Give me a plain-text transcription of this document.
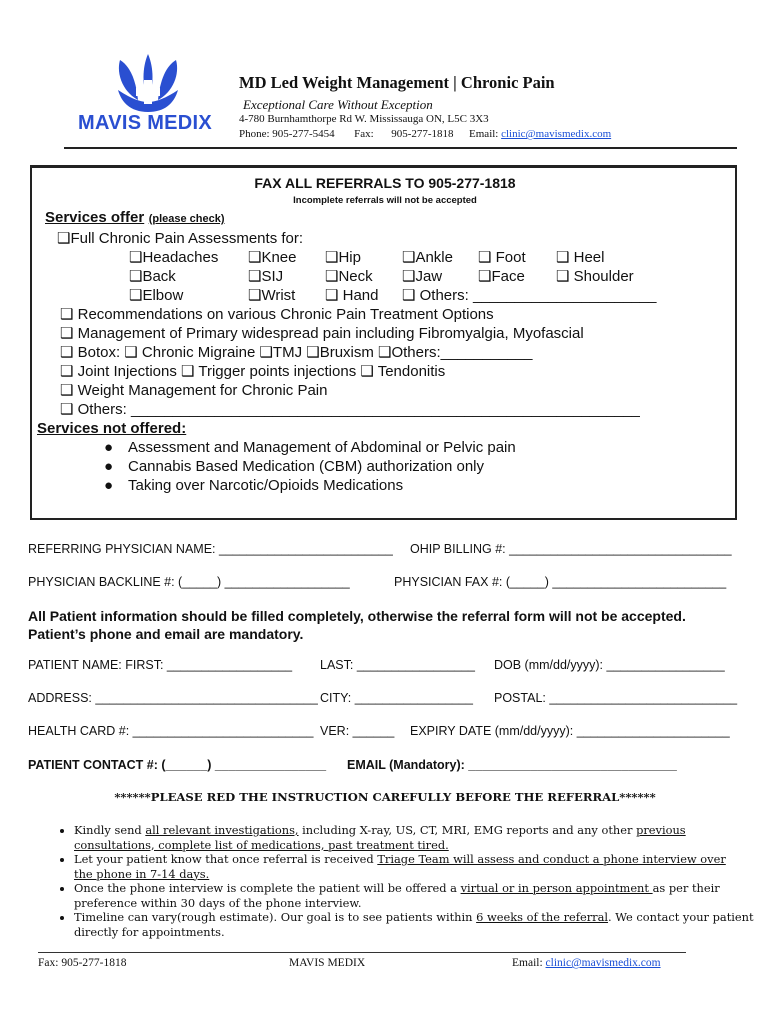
MAVIS MEDIX
MD Led Weight Management | Chronic Pain
Exceptional Care Without Exception
4-780 Burnhamthorpe Rd W. Mississauga ON, L5C 3X3
Phone: 905-277-5454 Fax: 905-277-1818 Email: clinic@mavismedix.com
FAX ALL REFERRALS TO 905-277-1818
Incomplete referrals will not be accepted
Services offer (please check)
❑Full Chronic Pain Assessments for:
❑Headaches ❑Knee ❑Hip	❑Ankle ❑ Foot ❑ Heel
❑Back	❑SIJ	❑Neck ❑Jaw ❑Face ❑ Shoulder
❑Elbow	❑Wrist ❑ Hand ❑ Others: ______________________
❑ Recommendations on various Chronic Pain Treatment Options
❑ Management of Primary widespread pain including Fibromyalgia, Myofascial
❑ Botox: ❑ Chronic Migraine ❑TMJ ❑Bruxism ❑Others:___________
❑ Joint Injections ❑ Trigger points injections ❑ Tendonitis
❑ Weight Management for Chronic Pain
❑ Others: _____________________________________________________________
Services not offered:
● Assessment and Management of Abdominal or Pelvic pain
● Cannabis Based Medication (CBM) authorization only
● Taking over Narcotic/Opioids Medications
REFERRING PHYSICIAN NAME: _________________________ OHIP BILLING #: ________________________________
PHYSICIAN BACKLINE #: (_____) __________________	PHYSICIAN FAX #: (_____) _________________________
All Patient information should be filled completely, otherwise the referral form will not be accepted.
Patient’s phone and email are mandatory.
PATIENT NAME: FIRST: __________________ LAST: _________________ DOB (mm/dd/yyyy): _________________
ADDRESS: ________________________________ CITY: _________________ POSTAL: ___________________________
HEALTH CARD #: __________________________ VER: ______ EXPIRY DATE (mm/dd/yyyy): ______________________
PATIENT CONTACT #: (______) ________________ EMAIL (Mandatory): ______________________________
******PLEASE RED THE INSTRUCTION CAREFULLY BEFORE THE REFERRAL******
• Kindly send all relevant investigations, including X-ray, US, CT, MRI, EMG reports and any other previous consultations, complete list of medications, past treatment tired.
• Let your patient know that once referral is received Triage Team will assess and conduct a phone interview over the phone in 7-14 days.
• Once the phone interview is complete the patient will be offered a virtual or in person appointment as per their preference within 30 days of the phone interview.
• Timeline can vary(rough estimate). Our goal is to see patients within 6 weeks of the referral. We contact your patient directly for appointments.
Fax: 905-277-1818	MAVIS MEDIX	Email: clinic@mavismedix.com
